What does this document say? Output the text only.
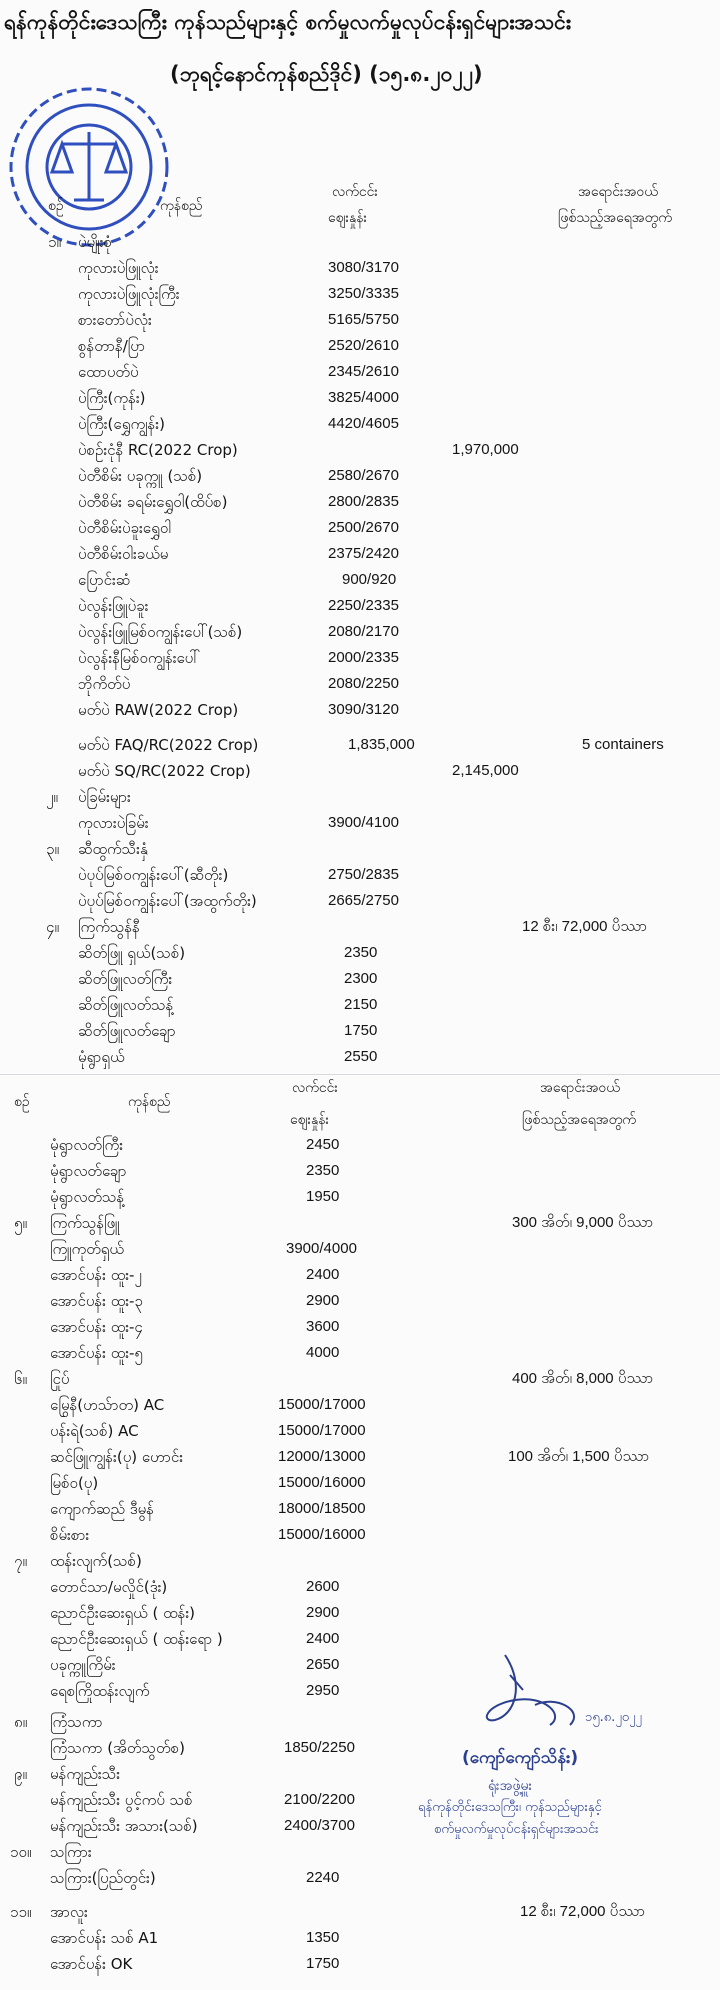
ရန်ကုန်တိုင်းဒေသကြီး ကုန်သည်များနှင့် စက်မှုလက်မှုလုပ်ငန်းရှင်များအသင်း
(ဘုရင့်နောင်ကုန်စည်ဒိုင်) (၁၅.၈.၂၀၂၂)
စဉ်	ကုန်စည်
လက်ငင်း
ဈေးနှုန်း
အရောင်းအဝယ်
ဖြစ်သည့်အရေအတွက်
၁။ ပဲမျိုးစုံ
ကုလားပဲဖြူလုံး	3080/3170
ကုလားပဲဖြူလုံးကြီး	3250/3335
စားတော်ပဲလုံး	5165/5750
စွန်တာနီ/ပြာ	2520/2610
ထောပတ်ပဲ	2345/2610
ပဲကြီး(ကုန်း)	3825/4000
ပဲကြီး(ရွှေကျွန်း)	4420/4605
ပဲစဉ်းငုံနီ RC(2022 Crop)	1,970,000
ပဲတီစိမ်း ပခုက္ကူ (သစ်)	2580/2670
ပဲတီစိမ်း ခရမ်းရွှေဝါ(ထိပ်စ)	2800/2835
ပဲတီစိမ်းပဲခူးရွှေဝါ	2500/2670
ပဲတီစိမ်းဝါးခယ်မ	2375/2420
ပြောင်းဆံ	900/920
ပဲလွန်းဖြူပဲခူး	2250/2335
ပဲလွန်းဖြူမြစ်ဝကျွန်းပေါ်(သစ်)	2080/2170
ပဲလွန်းနီမြစ်ဝကျွန်းပေါ်	2000/2335
ဘိုကိတ်ပဲ	2080/2250
မတ်ပဲ RAW(2022 Crop)	3090/3120
မတ်ပဲ FAQ/RC(2022 Crop)	1,835,000	5 containers
မတ်ပဲ SQ/RC(2022 Crop)	2,145,000
၂။ ပဲခြမ်းများ
ကုလားပဲခြမ်း	3900/4100
၃။ ဆီထွက်သီးနှံ
ပဲပုပ်မြစ်ဝကျွန်းပေါ်(ဆီတိုး)	2750/2835
ပဲပုပ်မြစ်ဝကျွန်းပေါ်(အထွက်တိုး)	2665/2750
၄။ ကြက်သွန်နီ	12 စီး၊ 72,000 ပိဿာ
ဆိတ်ဖြူ ရှယ်(သစ်)	2350
ဆိတ်ဖြူလတ်ကြီး	2300
ဆိတ်ဖြူလတ်သန့်	2150
ဆိတ်ဖြူလတ်ချော	1750
မုံရွာရှယ်	2550
စဉ်	ကုန်စည်
လက်ငင်း
ဈေးနှုန်း
အရောင်းအဝယ်
ဖြစ်သည့်အရေအတွက်
မုံရွာလတ်ကြီး	2450
မုံရွာလတ်ချော	2350
မုံရွာလတ်သန့်	1950
၅။ ကြက်သွန်ဖြူ	300 အိတ်၊ 9,000 ပိဿာ
ကြူကုတ်ရှယ်	3900/4000
အောင်ပန်း ထူး-၂	2400
အောင်ပန်း ထူး-၃	2900
အောင်ပန်း ထူး-၄	3600
အောင်ပန်း ထူး-၅	4000
၆။ ငြုပ်	400 အိတ်၊ 8,000 ပိဿာ
မြွေနီ(ဟသ်ာတ) AC	15000/17000
ပန်းရဲ(သစ်) AC	15000/17000
ဆင်ဖြူကျွန်း(ပု) ဟောင်း	12000/13000	100 အိတ်၊ 1,500 ပိဿာ
မြစ်ဝ(ပု)	15000/16000
ကျောက်ဆည် ဒီမွန်	18000/18500
စိမ်းစား	15000/16000
၇။ ထန်းလျက်(သစ်)
တောင်သာ/မလှိုင်(ဒုံး)	2600
ညောင်ဦးဆေးရှယ် ( ထန်း)	2900
ညောင်ဦးဆေးရှယ် ( ထန်းရော )	2400
ပခုက္ကူကြိမ်း	2650
ရေစကြိုထန်းလျက်	2950
၈။ ကြံသကာ
ကြံသကာ (အိတ်သွတ်စ)	1850/2250
၉။ မန်ကျည်းသီး
မန်ကျည်းသီး ပွင့်ကပ် သစ်	2100/2200
မန်ကျည်းသီး အသား(သစ်)	2400/3700
၁၀။ သကြား
သကြား(ပြည်တွင်း)	2240
၁၁။ အာလူး	12 စီး၊ 72,000 ပိဿာ
အောင်ပန်း သစ် A1	1350
အောင်ပန်း OK	1750
၁၅.၈.၂၀၂၂
(ကျော်ကျော်သိန်း)
ရုံးအဖွဲ့မှူး
ရန်ကုန်တိုင်းဒေသကြီး၊ ကုန်သည်များနှင့်
စက်မှုလက်မှုလုပ်ငန်းရှင်များအသင်း
